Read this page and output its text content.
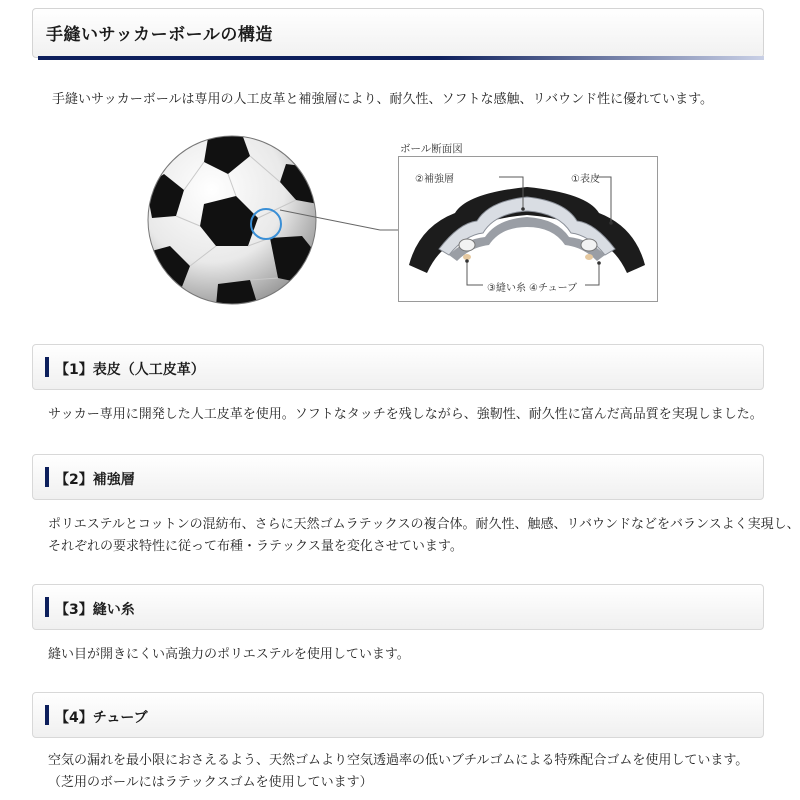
手縫いサッカーボールの構造
手縫いサッカーボールは専用の人工皮革と補強層により、耐久性、ソフトな感触、リバウンド性に優れています。
ボール断面図
②補強層	①表皮
③縫い糸 ④チューブ
【1】表皮（人工皮革）
サッカー専用に開発した人工皮革を使用。ソフトなタッチを残しながら、強靭性、耐久性に富んだ高品質を実現しました。
【2】補強層
ポリエステルとコットンの混紡布、さらに天然ゴムラテックスの複合体。耐久性、触感、リバウンドなどをバランスよく実現し、
それぞれの要求特性に従って布種・ラテックス量を変化させています。
【3】縫い糸
縫い目が開きにくい高強力のポリエステルを使用しています。
【4】チューブ
空気の漏れを最小限におさえるよう、天然ゴムより空気透過率の低いブチルゴムによる特殊配合ゴムを使用しています。
（芝用のボールにはラテックスゴムを使用しています）
